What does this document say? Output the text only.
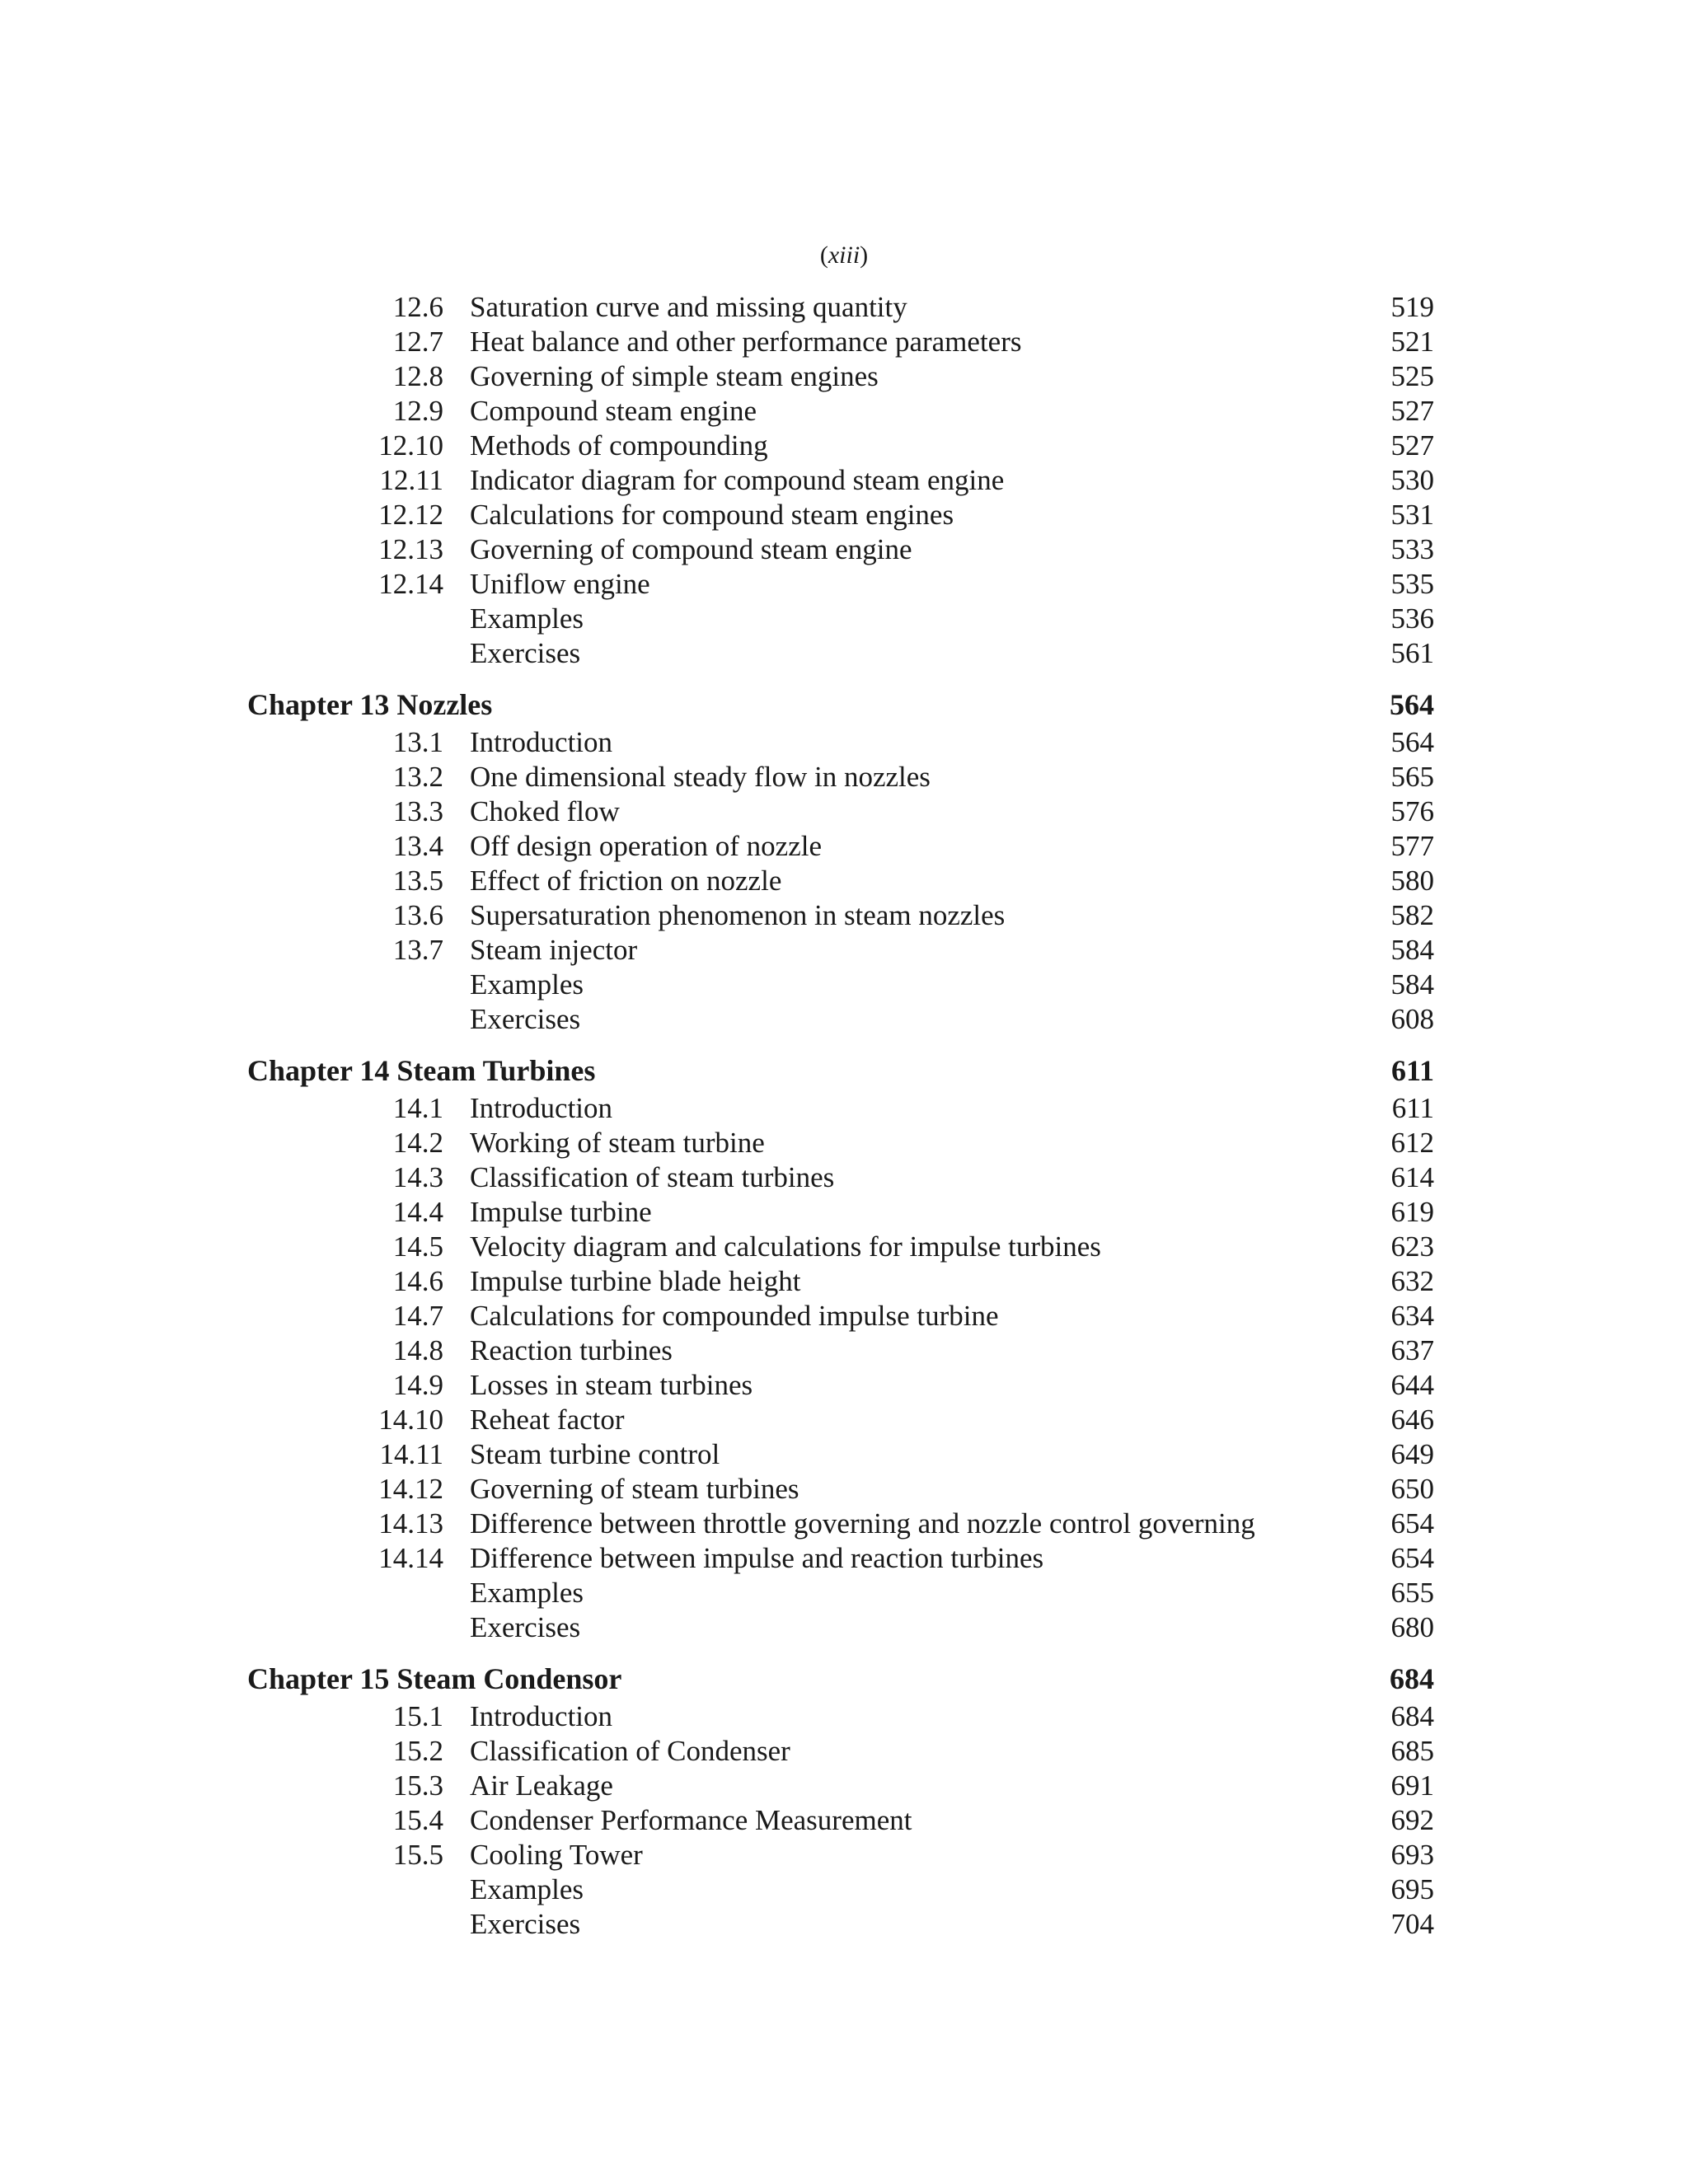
(xiii)
12.6 Saturation curve and missing quantity	519
12.7 Heat balance and other performance parameters	521
12.8 Governing of simple steam engines	525
12.9 Compound steam engine	527
12.10 Methods of compounding	527
12.11 Indicator diagram for compound steam engine	530
12.12 Calculations for compound steam engines	531
12.13 Governing of compound steam engine	533
12.14 Uniflow engine	535
Examples	536
Exercises	561
Chapter 13 Nozzles	564
13.1 Introduction	564
13.2 One dimensional steady flow in nozzles	565
13.3 Choked flow	576
13.4 Off design operation of nozzle	577
13.5 Effect of friction on nozzle	580
13.6 Supersaturation phenomenon in steam nozzles	582
13.7 Steam injector	584
Examples	584
Exercises	608
Chapter 14 Steam Turbines	611
14.1 Introduction	611
14.2 Working of steam turbine	612
14.3 Classification of steam turbines	614
14.4 Impulse turbine	619
14.5 Velocity diagram and calculations for impulse turbines	623
14.6 Impulse turbine blade height	632
14.7 Calculations for compounded impulse turbine	634
14.8 Reaction turbines	637
14.9 Losses in steam turbines	644
14.10 Reheat factor	646
14.11 Steam turbine control	649
14.12 Governing of steam turbines	650
14.13 Difference between throttle governing and nozzle control governing	654
14.14 Difference between impulse and reaction turbines	654
Examples	655
Exercises	680
Chapter 15 Steam Condensor	684
15.1 Introduction	684
15.2 Classification of Condenser	685
15.3 Air Leakage	691
15.4 Condenser Performance Measurement	692
15.5 Cooling Tower	693
Examples	695
Exercises	704
